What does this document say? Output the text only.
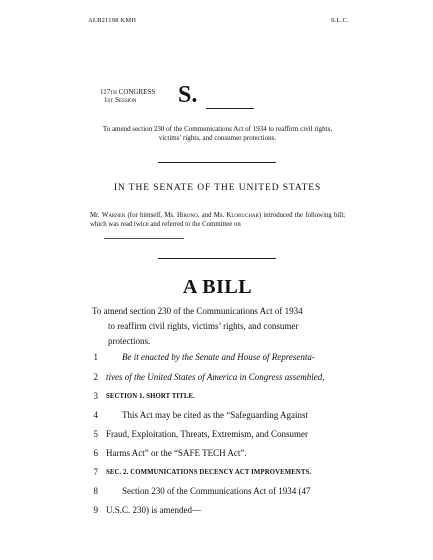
ALB21198 KMH	S.L.C.
117th CONGRESS
1st Session	S.
To amend section 230 of the Communications Act of 1934 to reaffirm civil rights, victims’ rights, and consumer protections.
IN THE SENATE OF THE UNITED STATES
Mr. Warner (for himself, Ms. Hirono, and Ms. Klobuchar) introduced the following bill; which was read twice and referred to the Committee on
A BILL
To amend section 230 of the Communications Act of 1934
to reaffirm civil rights, victims’ rights, and consumer
protections.
1	Be it enacted by the Senate and House of Representa-
2 tives of the United States of America in Congress assembled,
3 SECTION 1. SHORT TITLE.
4	This Act may be cited as the “Safeguarding Against
5 Fraud, Exploitation, Threats, Extremism, and Consumer
6 Harms Act” or the “SAFE TECH Act”.
7 SEC. 2. COMMUNICATIONS DECENCY ACT IMPROVEMENTS.
8	Section 230 of the Communications Act of 1934 (47
9 U.S.C. 230) is amended—
